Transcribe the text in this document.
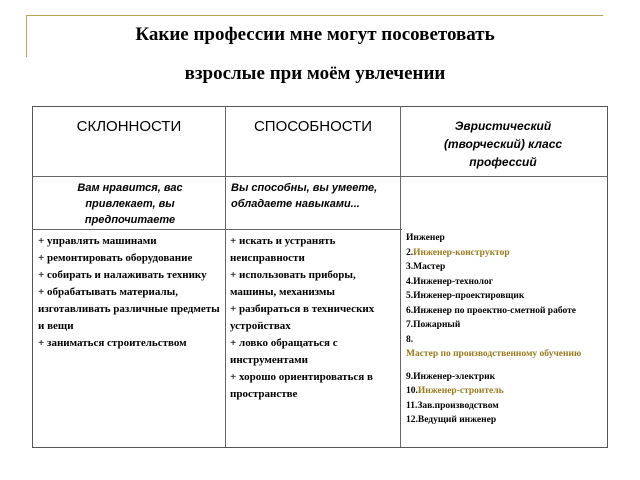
Какие профессии мне могут посоветовать
взрослые при моём увлечении
СКЛОННОСТИ	СПОСОБНОСТИ	Эвристический (творческий) класс профессий
Вам нравится, вас привлекает, вы предпочитаете
Вы способны, вы умеете, обладаете навыками...
+ управлять машинами
+ ремонтировать оборудование
+ собирать и налаживать технику
+ обрабатывать материалы, изготавливать различные предметы и вещи
+ заниматься строительством
+ искать и устранять неисправности
+ использовать приборы, машины, механизмы
+ разбираться в технических устройствах
+ ловко обращаться с инструментами
+ хорошо ориентироваться в пространстве
Инженер
2.Инженер-конструктор
3.Мастер
4.Инженер-технолог
5.Инженер-проектировщик
6.Инженер по проектно-сметной работе
7.Пожарный
8.
Мастер по производственному обучению
9.Инженер-электрик
10.Инженер-строитель
11.Зав.производством
12.Ведущий инженер
